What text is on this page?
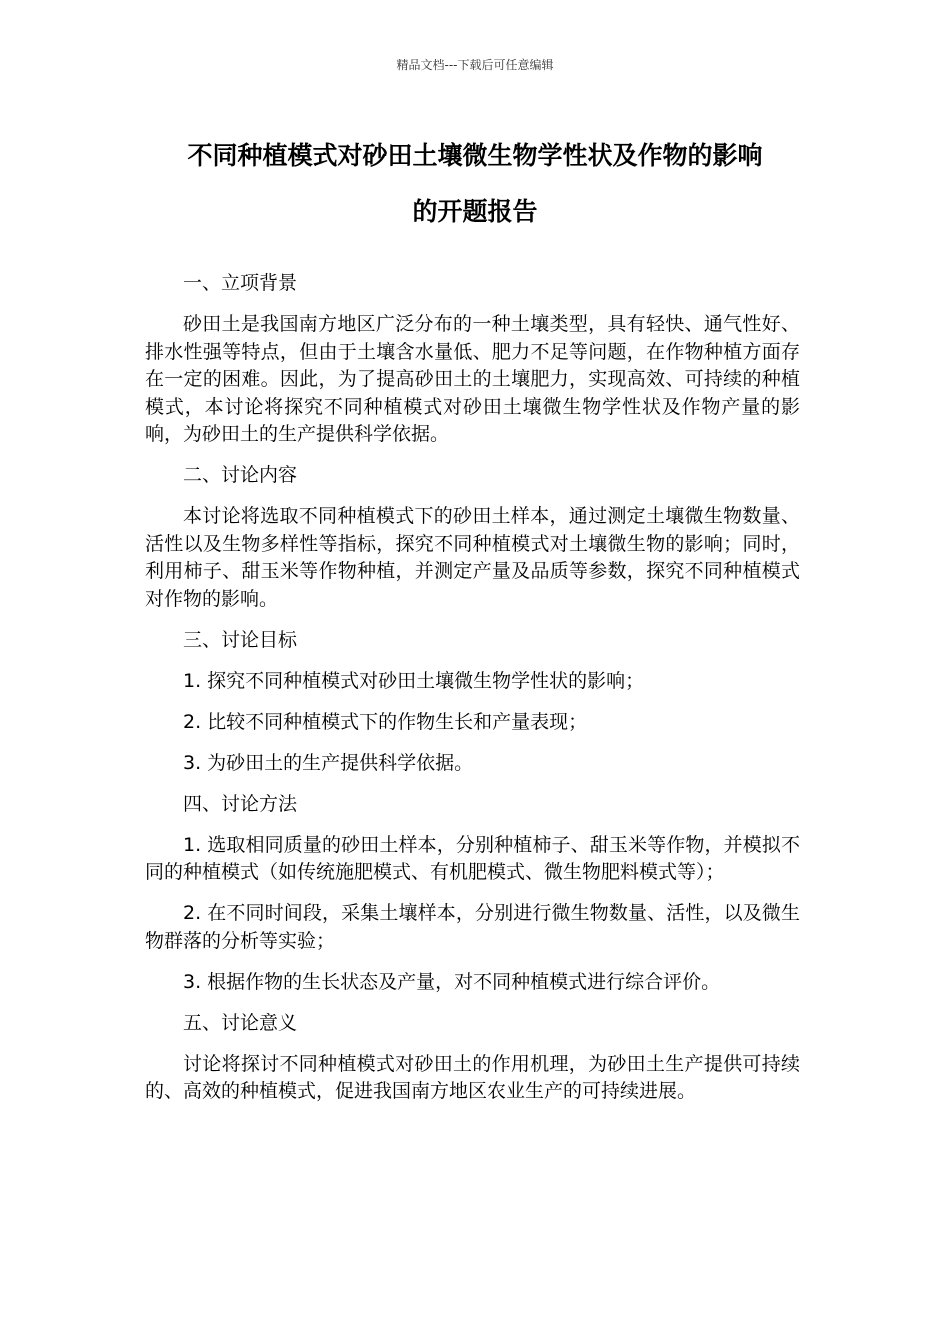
精品文档---下载后可任意编辑
不同种植模式对砂田土壤微生物学性状及作物的影响
的开题报告

一、立项背景

砂田土是我国南方地区广泛分布的一种土壤类型，具有轻快、通气性好、排水性强等特点，但由于土壤含水量低、肥力不足等问题，在作物种植方面存在一定的困难。因此，为了提高砂田土的土壤肥力，实现高效、可持续的种植模式，本讨论将探究不同种植模式对砂田土壤微生物学性状及作物产量的影响，为砂田土的生产提供科学依据。

二、讨论内容

本讨论将选取不同种植模式下的砂田土样本，通过测定土壤微生物数量、活性以及生物多样性等指标，探究不同种植模式对土壤微生物的影响；同时，利用柿子、甜玉米等作物种植，并测定产量及品质等参数，探究不同种植模式对作物的影响。

三、讨论目标

1. 探究不同种植模式对砂田土壤微生物学性状的影响；

2. 比较不同种植模式下的作物生长和产量表现；

3. 为砂田土的生产提供科学依据。

四、讨论方法

1. 选取相同质量的砂田土样本，分别种植柿子、甜玉米等作物，并模拟不同的种植模式（如传统施肥模式、有机肥模式、微生物肥料模式等）；

2. 在不同时间段，采集土壤样本，分别进行微生物数量、活性，以及微生物群落的分析等实验；

3. 根据作物的生长状态及产量，对不同种植模式进行综合评价。

五、讨论意义

讨论将探讨不同种植模式对砂田土的作用机理，为砂田土生产提供可持续的、高效的种植模式，促进我国南方地区农业生产的可持续进展。
